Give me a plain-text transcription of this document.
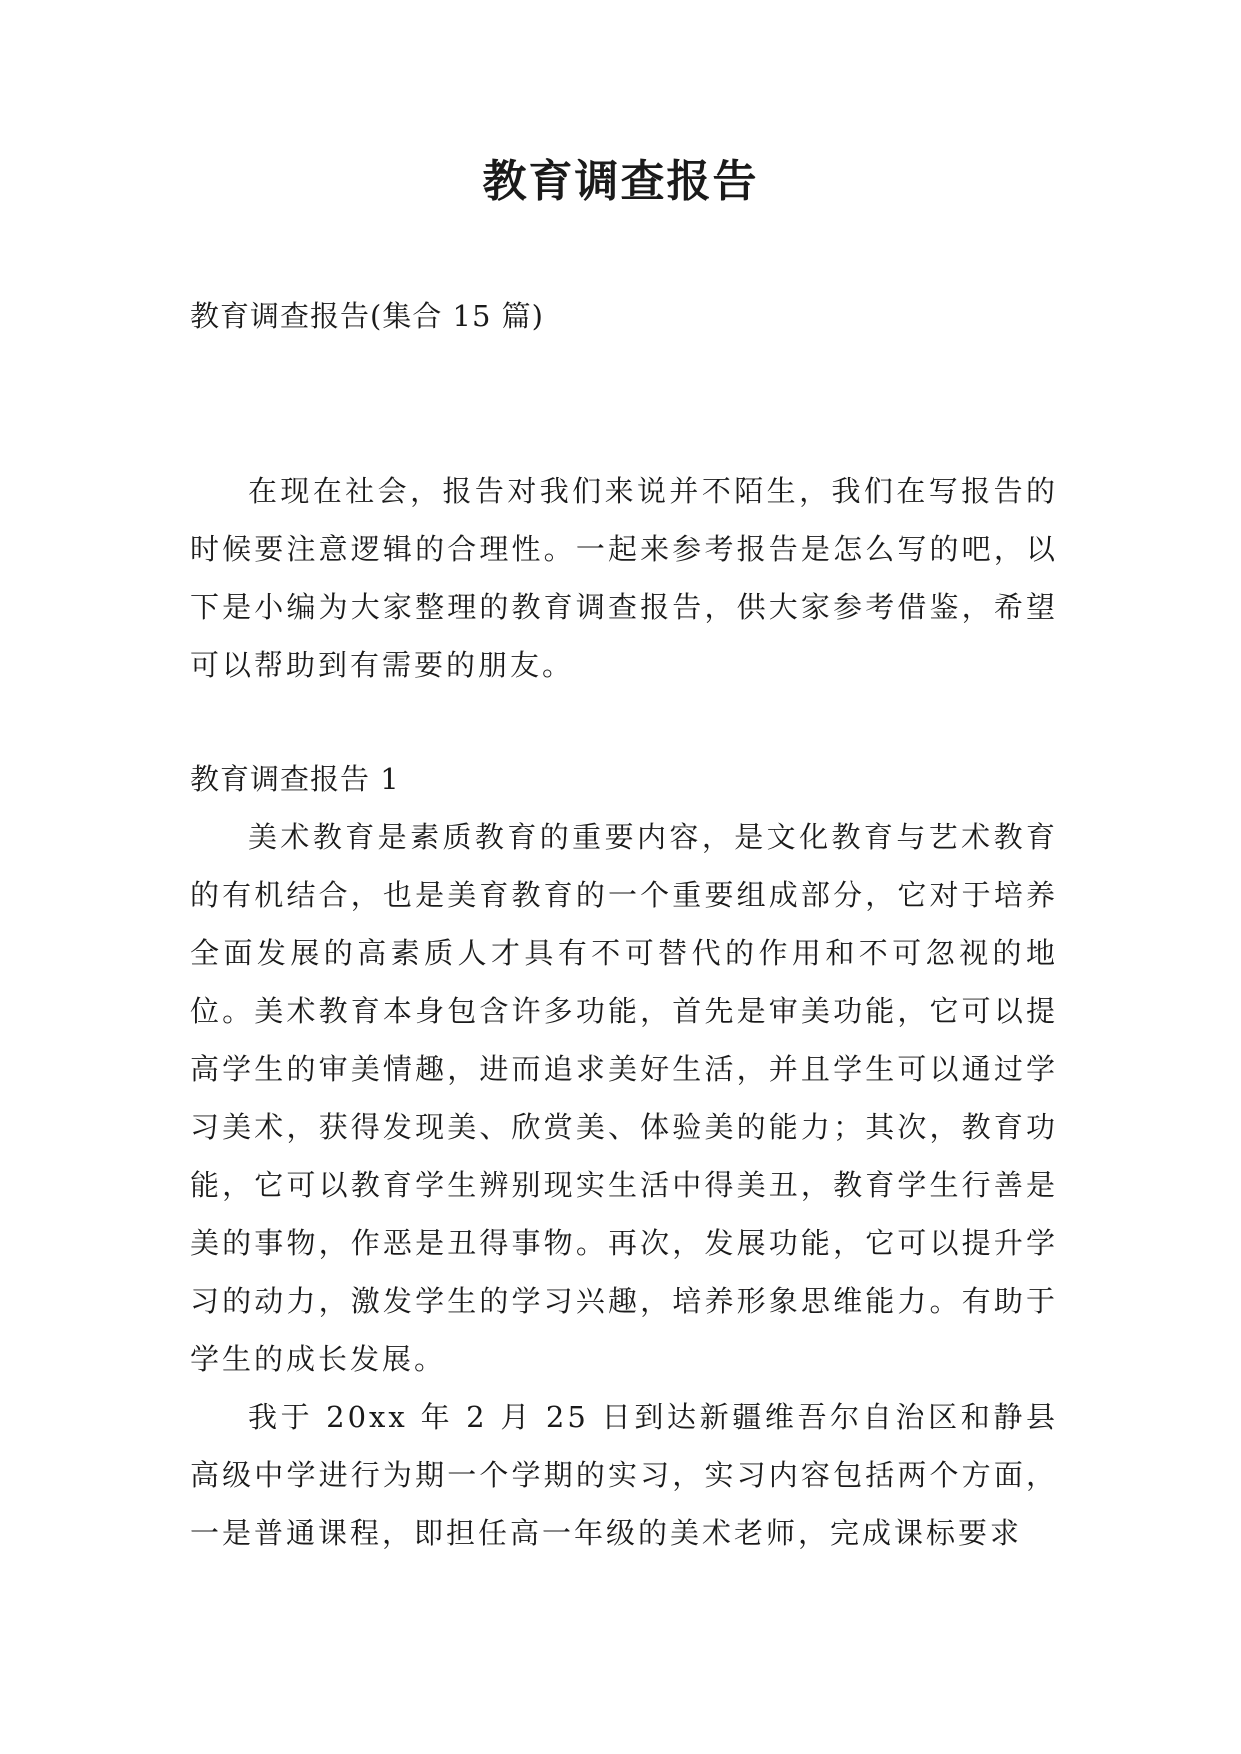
教育调查报告

教育调查报告(集合 15 篇)

在现在社会，报告对我们来说并不陌生，我们在写报告的时候要注意逻辑的合理性。一起来参考报告是怎么写的吧，以下是小编为大家整理的教育调查报告，供大家参考借鉴，希望可以帮助到有需要的朋友。

教育调查报告 1

美术教育是素质教育的重要内容，是文化教育与艺术教育的有机结合，也是美育教育的一个重要组成部分，它对于培养全面发展的高素质人才具有不可替代的作用和不可忽视的地位。美术教育本身包含许多功能，首先是审美功能，它可以提高学生的审美情趣，进而追求美好生活，并且学生可以通过学习美术，获得发现美、欣赏美、体验美的能力；其次，教育功能，它可以教育学生辨别现实生活中得美丑，教育学生行善是美的事物，作恶是丑得事物。再次，发展功能，它可以提升学习的动力，激发学生的学习兴趣，培养形象思维能力。有助于学生的成长发展。

我于 20xx 年 2 月 25 日到达新疆维吾尔自治区和静县高级中学进行为期一个学期的实习，实习内容包括两个方面，一是普通课程，即担任高一年级的美术老师，完成课标要求
